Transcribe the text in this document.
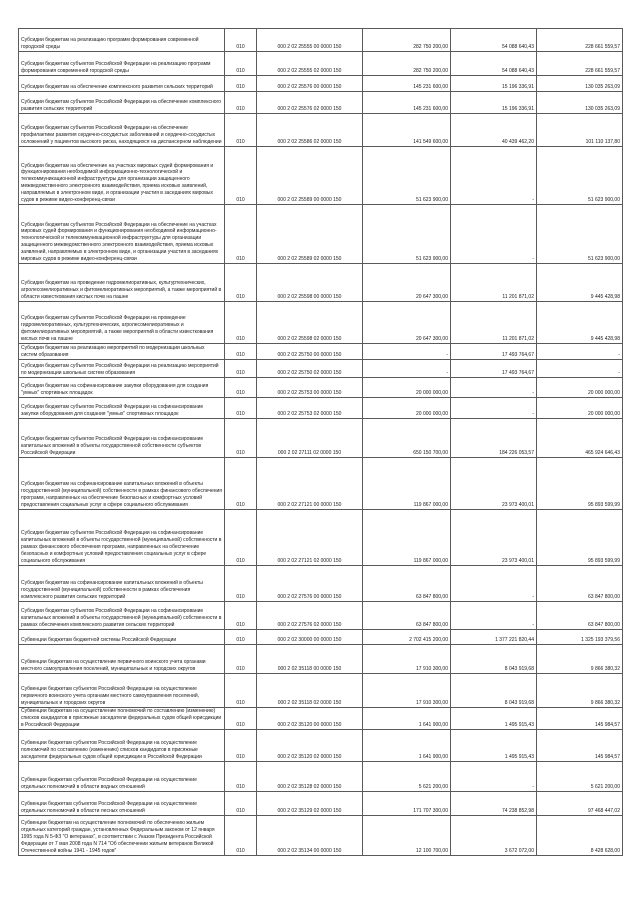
Субсидии бюджетам на реализацию программ формирования современной городской среды	010	000 2 02 25555 00 0000 150	282 750 200,00	54 088 640,43	228 661 559,57

Субсидии бюджетам субъектов Российской Федерации на реализацию программ формирования современной городской среды	010	000 2 02 25555 02 0000 150	282 750 200,00	54 088 640,43	228 661 559,57

Субсидии бюджетам на обеспечение комплексного развития сельских территорий	010	000 2 02 25576 00 0000 150	145 231 600,00	15 196 336,91	130 035 263,09

Субсидии бюджетам субъектов Российской Федерации на обеспечение комплексного развития сельских территорий	010	000 2 02 25576 02 0000 150	145 231 600,00	15 196 336,91	130 035 263,09

Субсидии бюджетам субъектов Российской Федерации на обеспечение профилактики развития сердечно-сосудистых заболеваний и сердечно-сосудистых осложнений у пациентов высокого риска, находящихся на диспансерном наблюдении	010	000 2 02 25586 02 0000 150	141 549 600,00	40 439 462,20	101 110 137,80

Субсидии бюджетам на обеспечение на участках мировых судей формирования и функционирования необходимой информационно-технологической и телекоммуникационной инфраструктуры для организации защищенного межведомственного электронного взаимодействия, приема исковых заявлений, направляемых в электронном виде, и организации участия в заседаниях мировых судов в режиме видео-конференц-связи	010	000 2 02 25589 00 0000 150	51 623 900,00	-	51 623 900,00

Субсидии бюджетам субъектов Российской Федерации на обеспечение на участках мировых судей формирования и функционирования необходимой информационно-технологической и телекоммуникационной инфраструктуры для организации защищенного межведомственного электронного взаимодействия, приема исковых заявлений, направляемых в электронном виде, и организации участия в заседаниях мировых судов в режиме видео-конференц-связи	010	000 2 02 25589 02 0000 150	51 623 900,00	-	51 623 900,00

Субсидии бюджетам на проведение гидромелиоративных, культуртехнических, агролесомелиоративных и фитомелиоративных мероприятий, а также мероприятий в области известкования кислых почв на пашне	010	000 2 02 25598 00 0000 150	20 647 300,00	11 201 871,02	9 445 428,98

Субсидии бюджетам субъектов Российской Федерации на проведение гидромелиоративных, культуртехнических, агролесомелиоративных и фитомелиоративных мероприятий, а также мероприятий в области известкования кислых почв на пашне	010	000 2 02 25598 02 0000 150	20 647 300,00	11 201 871,02	9 445 428,98

Субсидии бюджетам на реализацию мероприятий по модернизации школьных систем образования	010	000 2 02 25750 00 0000 150	-	17 493 764,67	-

Субсидии бюджетам субъектов Российской Федерации на реализацию мероприятий по модернизации школьных систем образования	010	000 2 02 25750 02 0000 150	-	17 493 764,67	-

Субсидии бюджетам на софинансирование закупки оборудования для создания "умных" спортивных площадок	010	000 2 02 25753 00 0000 150	20 000 000,00	-	20 000 000,00

Субсидии бюджетам субъектов Российской Федерации на софинансирование закупки оборудования для создания "умных" спортивных площадок	010	000 2 02 25753 02 0000 150	20 000 000,00	-	20 000 000,00

Субсидии бюджетам субъектов Российской Федерации на софинансирование капитальных вложений в объекты государственной собственности субъектов Российской Федерации	010	000 2 02 27111 02 0000 150	650 150 700,00	184 226 053,57	465 924 646,43

Субсидии бюджетам на софинансирование капитальных вложений в объекты государственной (муниципальной) собственности в рамках финансового обеспечения программ, направленных на обеспечение безопасных и комфортных условий предоставления социальных услуг в сфере социального обслуживания	010	000 2 02 27121 00 0000 150	119 867 000,00	23 973 400,01	95 893 599,99

Субсидии бюджетам субъектов Российской Федерации на софинансирование капитальных вложений в объекты государственной (муниципальной) собственности в рамках финансового обеспечения программ, направленных на обеспечение безопасных и комфортных условий предоставления социальных услуг в сфере социального обслуживания	010	000 2 02 27121 02 0000 150	119 867 000,00	23 973 400,01	95 893 599,99

Субсидии бюджетам на софинансирование капитальных вложений в объекты государственной (муниципальной) собственности в рамках обеспечения комплексного развития сельских территорий	010	000 2 02 27576 00 0000 150	63 847 800,00	-	63 847 800,00

Субсидии бюджетам субъектов Российской Федерации на софинансирование капитальных вложений в объекты государственной (муниципальной) собственности в рамках обеспечения комплексного развития сельских территорий	010	000 2 02 27576 02 0000 150	63 847 800,00	-	63 847 800,00

Субвенции бюджетам бюджетной системы Российской Федерации	010	000 2 02 30000 00 0000 150	2 702 415 200,00	1 377 221 820,44	1 325 193 379,56

Субвенции бюджетам на осуществление первичного воинского учета органами местного самоуправления поселений, муниципальных и городских округов	010	000 2 02 35118 00 0000 150	17 910 300,00	8 043 919,68	9 866 380,32

Субвенции бюджетам субъектов Российской Федерации на осуществление первичного воинского учета органами местного самоуправления поселений, муниципальных и городских округов	010	000 2 02 35118 02 0000 150	17 910 300,00	8 043 919,68	9 866 380,32

Субвенции бюджетам на осуществление полномочий по составлению (изменению) списков кандидатов в присяжные заседатели федеральных судов общей юрисдикции в Российской Федерации	010	000 2 02 35120 00 0000 150	1 641 900,00	1 495 915,43	145 984,57

Субвенции бюджетам субъектов Российской Федерации на осуществление полномочий по составлению (изменению) списков кандидатов в присяжные заседатели федеральных судов общей юрисдикции в Российской Федерации	010	000 2 02 35120 02 0000 150	1 641 900,00	1 495 915,43	145 984,57

Субвенции бюджетам субъектов Российской Федерации на осуществление отдельных полномочий в области водных отношений	010	000 2 02 35128 02 0000 150	5 621 200,00	-	5 621 200,00

Субвенции бюджетам субъектов Российской Федерации на осуществление отдельных полномочий в области лесных отношений	010	000 2 02 35129 02 0000 150	171 707 300,00	74 238 852,98	97 468 447,02

Субвенции бюджетам на осуществление полномочий по обеспечению жильем отдельных категорий граждан, установленных Федеральным законом от 12 января 1995 года N 5-ФЗ "О ветеранах", в соответствии с Указом Президента Российской Федерации от 7 мая 2008 года N 714 "Об обеспечении жильем ветеранов Великой Отечественной войны 1941 - 1945 годов"	010	000 2 02 35134 00 0000 150	12 100 700,00	3 672 072,00	8 428 628,00
